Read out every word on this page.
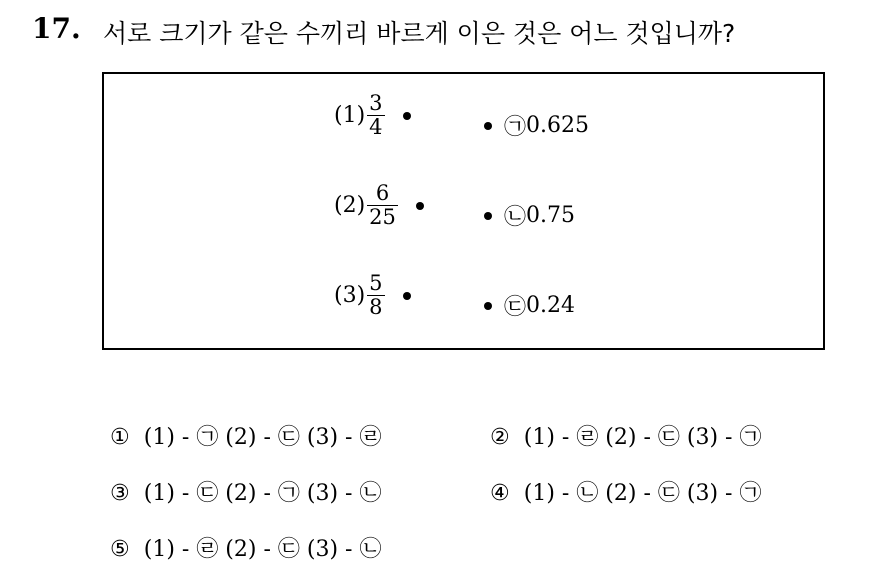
17. 서로 크기가 같은 수끼리 바르게 이은 것은 어느 것입니까?
$(1) \frac{3}{4}$	㉠ 0.625
$(2) \frac{6}{25}$	㉡ 0.75
$(3) \frac{5}{8}$	㉢ 0.24
① (1) - ㉠ (2) - ㉢ (3) - ㉣	② (1) - ㉣ (2) - ㉢ (3) - ㉠
③ (1) - ㉢ (2) - ㉠ (3) - ㉡	④ (1) - ㉡ (2) - ㉢ (3) - ㉠
⑤ (1) - ㉣ (2) - ㉢ (3) - ㉡
